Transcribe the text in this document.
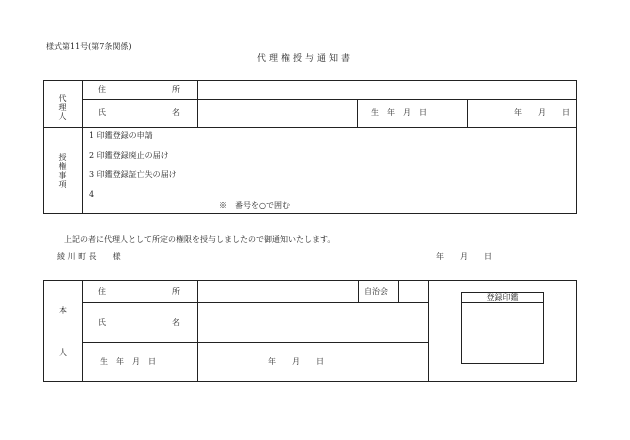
様式第11号(第7条関係)
代理権授与通知書
代理人
住　　所
氏　　名	生　年　月　日	年　　月　　日
授権事項
1 印鑑登録の申請
2 印鑑登録廃止の届け
3 印鑑登録証亡失の届け
4
※　番号を○で囲む
上記の者に代理人として所定の権限を授与しましたので御通知いたします。
綾 川 町 長　　様	年　　月　　日
本
人
住　　所	自治会
氏　　名
生　年　月　日	年　　月　　日
登録印鑑
